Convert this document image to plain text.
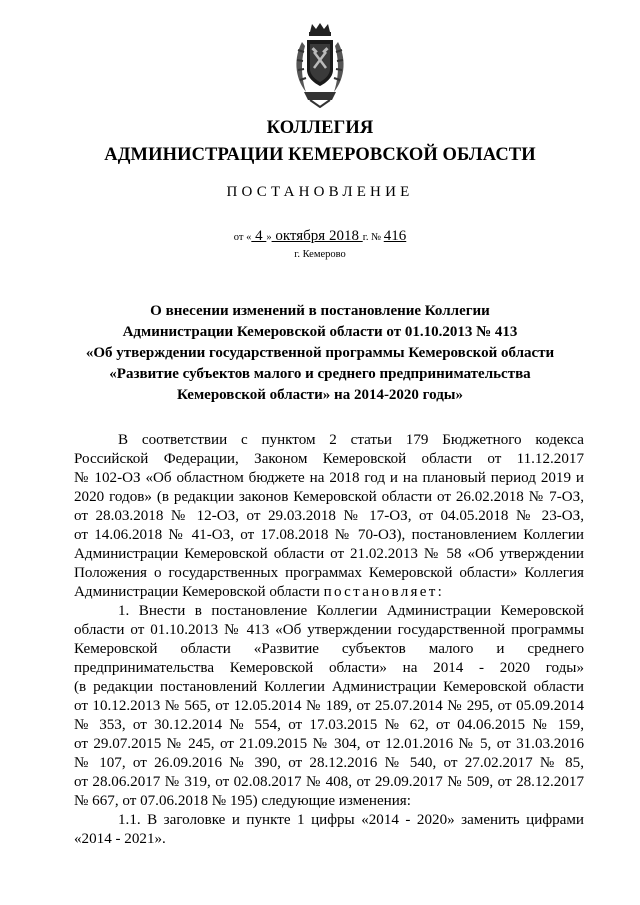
КОЛЛЕГИЯ
АДМИНИСТРАЦИИ КЕМЕРОВСКОЙ ОБЛАСТИ
ПОСТАНОВЛЕНИЕ
от « 4 » октября 2018 г. № 416
г. Кемерово
О внесении изменений в постановление Коллегии
Администрации Кемеровской области от 01.10.2013 № 413
«Об утверждении государственной программы Кемеровской области
«Развитие субъектов малого и среднего предпринимательства
Кемеровской области» на 2014-2020 годы»
В соответствии с пунктом 2 статьи 179 Бюджетного кодекса
Российской Федерации, Законом Кемеровской области от 11.12.2017
№ 102-ОЗ «Об областном бюджете на 2018 год и на плановый период 2019 и
2020 годов» (в редакции законов Кемеровской области от 26.02.2018 № 7-ОЗ,
от 28.03.2018 № 12-ОЗ, от 29.03.2018 № 17-ОЗ, от 04.05.2018 № 23-ОЗ,
от 14.06.2018 № 41-ОЗ, от 17.08.2018 № 70-ОЗ), постановлением Коллегии
Администрации Кемеровской области от 21.02.2013 № 58 «Об утверждении
Положения о государственных программах Кемеровской области» Коллегия
Администрации Кемеровской области постановляет:
1. Внести в постановление Коллегии Администрации Кемеровской
области от 01.10.2013 № 413 «Об утверждении государственной программы
Кемеровской области «Развитие субъектов малого и среднего
предпринимательства Кемеровской области» на 2014 - 2020 годы»
(в редакции постановлений Коллегии Администрации Кемеровской области
от 10.12.2013 № 565, от 12.05.2014 № 189, от 25.07.2014 № 295, от 05.09.2014
№ 353, от 30.12.2014 № 554, от 17.03.2015 № 62, от 04.06.2015 № 159,
от 29.07.2015 № 245, от 21.09.2015 № 304, от 12.01.2016 № 5, от 31.03.2016
№ 107, от 26.09.2016 № 390, от 28.12.2016 № 540, от 27.02.2017 № 85,
от 28.06.2017 № 319, от 02.08.2017 № 408, от 29.09.2017 № 509, от 28.12.2017
№ 667, от 07.06.2018 № 195) следующие изменения:
1.1. В заголовке и пункте 1 цифры «2014 - 2020» заменить цифрами
«2014 - 2021».
